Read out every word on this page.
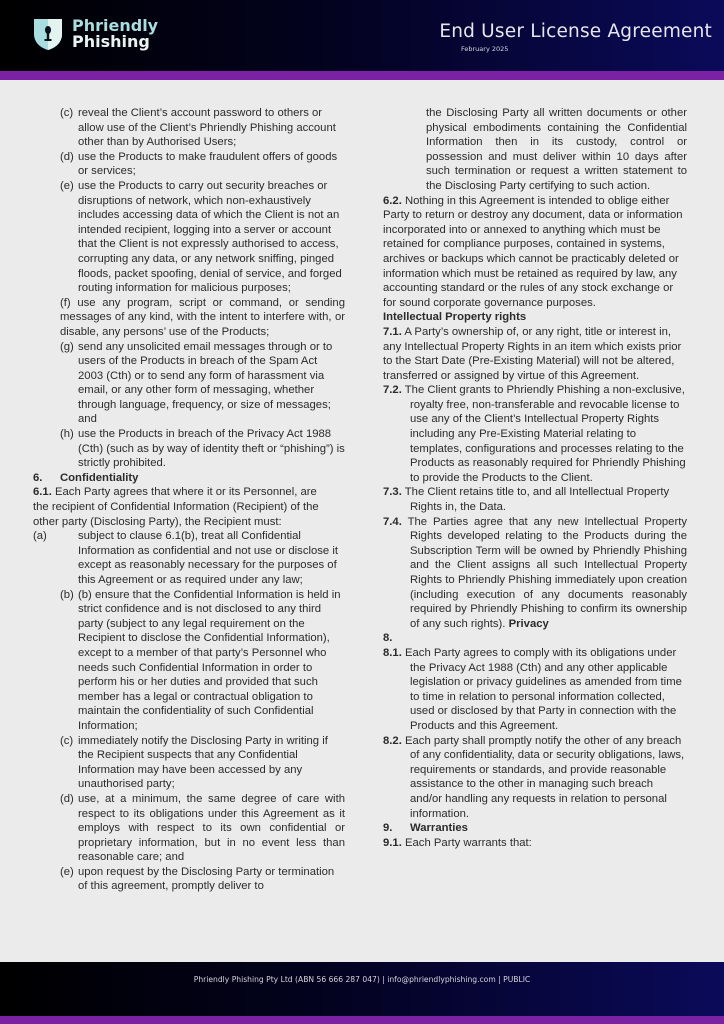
Phriendly
Phishing	End User License Agreement
February 2025
(c) reveal the Client’s account password to others or allow use of the Client’s Phriendly Phishing account other than by Authorised Users;
(d) use the Products to make fraudulent offers of goods or services;
(e) use the Products to carry out security breaches or disruptions of network, which non-exhaustively includes accessing data of which the Client is not an intended recipient, logging into a server or account that the Client is not expressly authorised to access, corrupting any data, or any network sniffing, pinged floods, packet spoofing, denial of service, and forged routing information for malicious purposes;
(f) use any program, script or command, or sending messages of any kind, with the intent to interfere with, or disable, any persons’ use of the Products;
(g) send any unsolicited email messages through or to users of the Products in breach of the Spam Act 2003 (Cth) or to send any form of harassment via email, or any other form of messaging, whether through language, frequency, or size of messages; and
(h) use the Products in breach of the Privacy Act 1988 (Cth) (such as by way of identity theft or “phishing”) is strictly prohibited.
6.	Confidentiality
6.1. Each Party agrees that where it or its Personnel, are the recipient of Confidential Information (Recipient) of the other party (Disclosing Party), the Recipient must:
(a)	subject to clause 6.1(b), treat all Confidential Information as confidential and not use or disclose it except as reasonably necessary for the purposes of this Agreement or as required under any law;
(b) (b) ensure that the Confidential Information is held in strict confidence and is not disclosed to any third party (subject to any legal requirement on the Recipient to disclose the Confidential Information), except to a member of that party’s Personnel who needs such Confidential Information in order to perform his or her duties and provided that such member has a legal or contractual obligation to maintain the confidentiality of such Confidential Information;
(c) immediately notify the Disclosing Party in writing if the Recipient suspects that any Confidential Information may have been accessed by any unauthorised party;
(d) use, at a minimum, the same degree of care with respect to its obligations under this Agreement as it employs with respect to its own confidential or proprietary information, but in no event less than reasonable care; and
(e) upon request by the Disclosing Party or termination of this agreement, promptly deliver to
the Disclosing Party all written documents or other physical embodiments containing the Confidential Information then in its custody, control or possession and must deliver within 10 days after such termination or request a written statement to the Disclosing Party certifying to such action.
6.2. Nothing in this Agreement is intended to oblige either Party to return or destroy any document, data or information incorporated into or annexed to anything which must be retained for compliance purposes, contained in systems, archives or backups which cannot be practicably deleted or information which must be retained as required by law, any accounting standard or the rules of any stock exchange or for sound corporate governance purposes.
Intellectual Property rights
7.1. A Party’s ownership of, or any right, title or interest in, any Intellectual Property Rights in an item which exists prior to the Start Date (Pre-Existing Material) will not be altered, transferred or assigned by virtue of this Agreement.
7.2. The Client grants to Phriendly Phishing a non-exclusive, royalty free, non-transferable and revocable license to use any of the Client’s Intellectual Property Rights including any Pre-Existing Material relating to templates, configurations and processes relating to the Products as reasonably required for Phriendly Phishing to provide the Products to the Client.
7.3. The Client retains title to, and all Intellectual Property Rights in, the Data.
7.4. The Parties agree that any new Intellectual Property Rights developed relating to the Products during the Subscription Term will be owned by Phriendly Phishing and the Client assigns all such Intellectual Property Rights to Phriendly Phishing immediately upon creation (including execution of any documents reasonably required by Phriendly Phishing to confirm its ownership of any such rights). Privacy
8.
8.1. Each Party agrees to comply with its obligations under the Privacy Act 1988 (Cth) and any other applicable legislation or privacy guidelines as amended from time to time in relation to personal information collected, used or disclosed by that Party in connection with the Products and this Agreement.
8.2. Each party shall promptly notify the other of any breach of any confidentiality, data or security obligations, laws, requirements or standards, and provide reasonable assistance to the other in managing such breach and/or handling any requests in relation to personal information.
9.	Warranties
9.1. Each Party warrants that:
Phriendly Phishing Pty Ltd (ABN 56 666 287 047) | info@phriendlyphishing.com | PUBLIC
